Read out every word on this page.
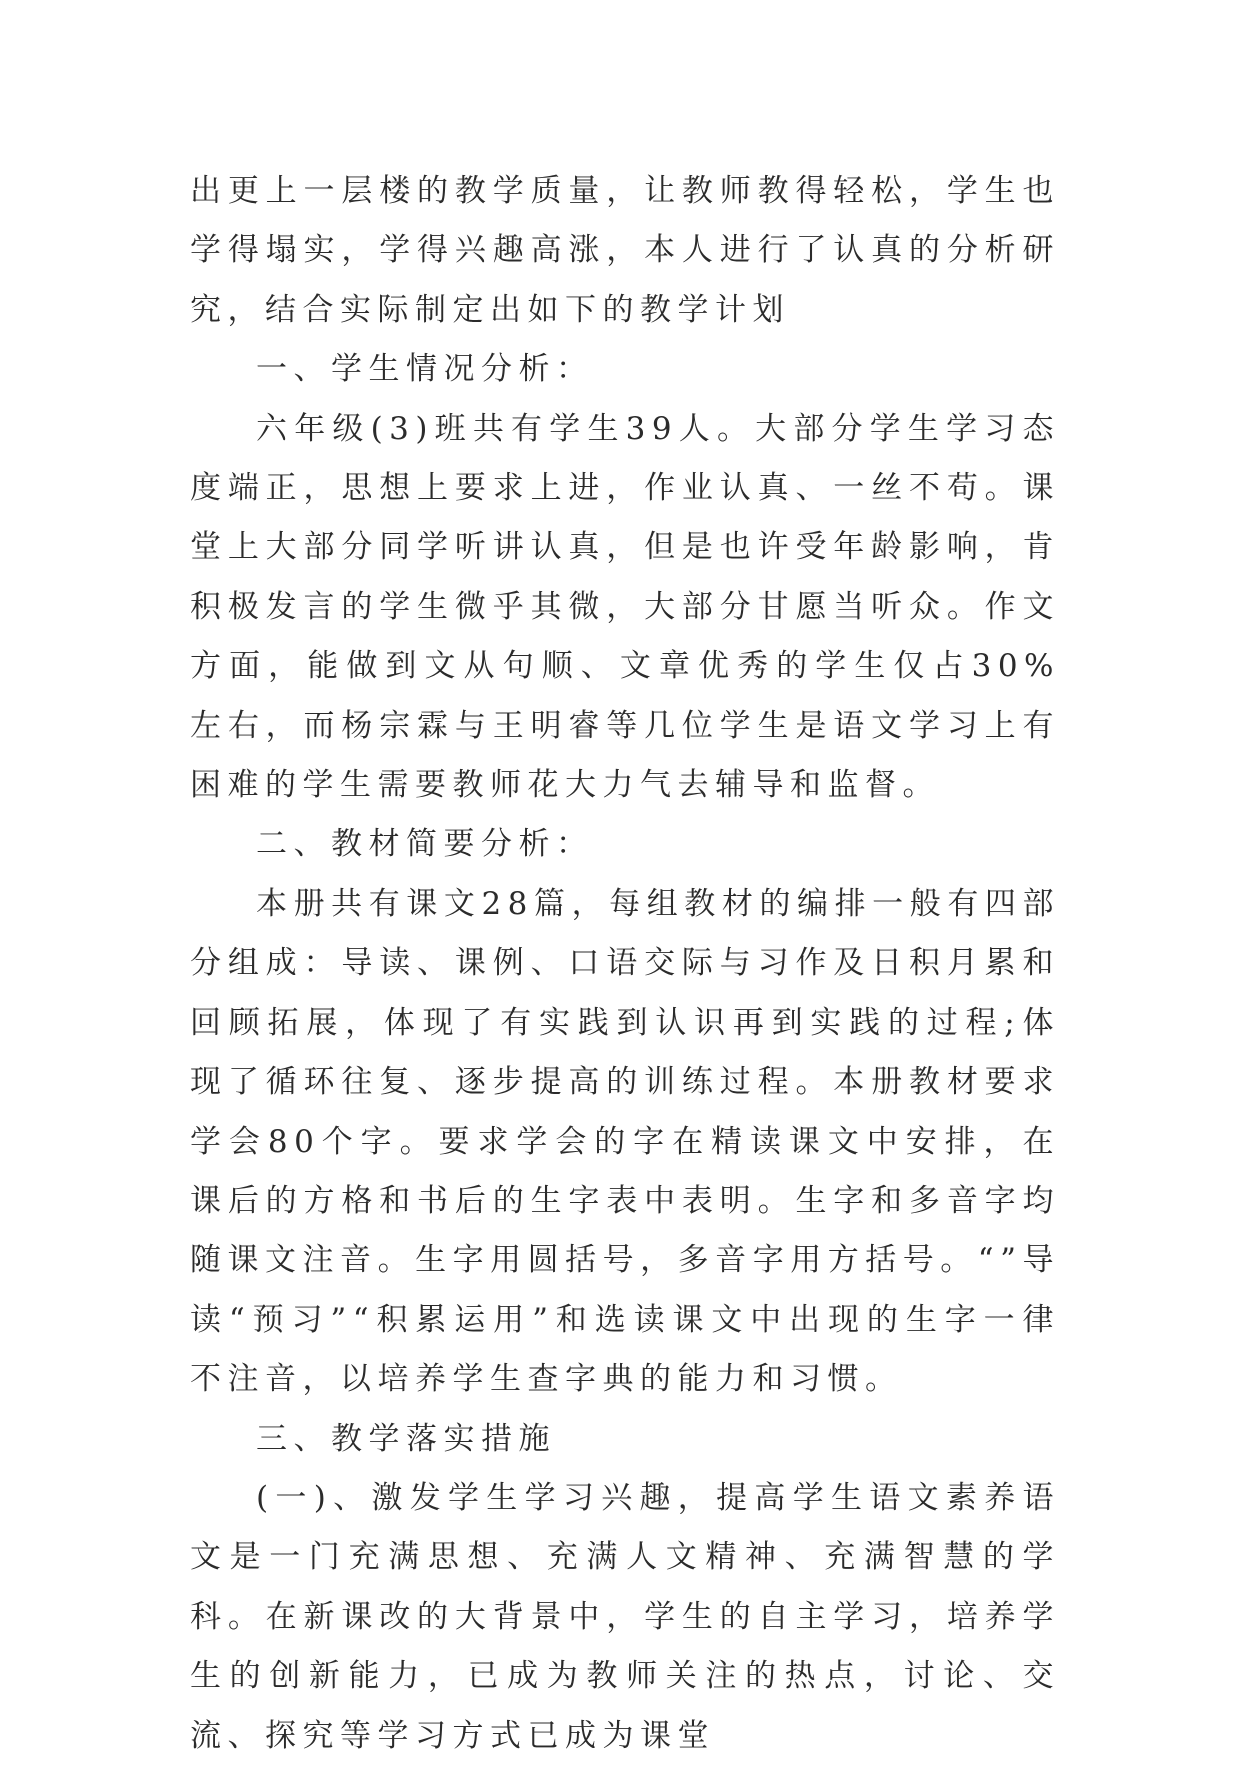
出更上一层楼的教学质量，让教师教得轻松，学生也学得塌实，学得兴趣高涨，本人进行了认真的分析研究，结合实际制定出如下的教学计划

一、学生情况分析：

六年级(3)班共有学生39人。大部分学生学习态度端正，思想上要求上进，作业认真、一丝不苟。课堂上大部分同学听讲认真，但是也许受年龄影响，肯积极发言的学生微乎其微，大部分甘愿当听众。作文方面，能做到文从句顺、文章优秀的学生仅占30%左右，而杨宗霖与王明睿等几位学生是语文学习上有困难的学生需要教师花大力气去辅导和监督。

二、教材简要分析：

本册共有课文28篇，每组教材的编排一般有四部分组成：导读、课例、口语交际与习作及日积月累和回顾拓展，体现了有实践到认识再到实践的过程;体现了循环往复、逐步提高的训练过程。本册教材要求学会80个字。要求学会的字在精读课文中安排，在课后的方格和书后的生字表中表明。生字和多音字均随课文注音。生字用圆括号，多音字用方括号。“”导读“预习”“积累运用”和选读课文中出现的生字一律不注音，以培养学生查字典的能力和习惯。

三、教学落实措施

(一)、激发学生学习兴趣，提高学生语文素养语文是一门充满思想、充满人文精神、充满智慧的学科。在新课改的大背景中，学生的自主学习，培养学生的创新能力，已成为教师关注的热点，讨论、交流、探究等学习方式已成为课堂
